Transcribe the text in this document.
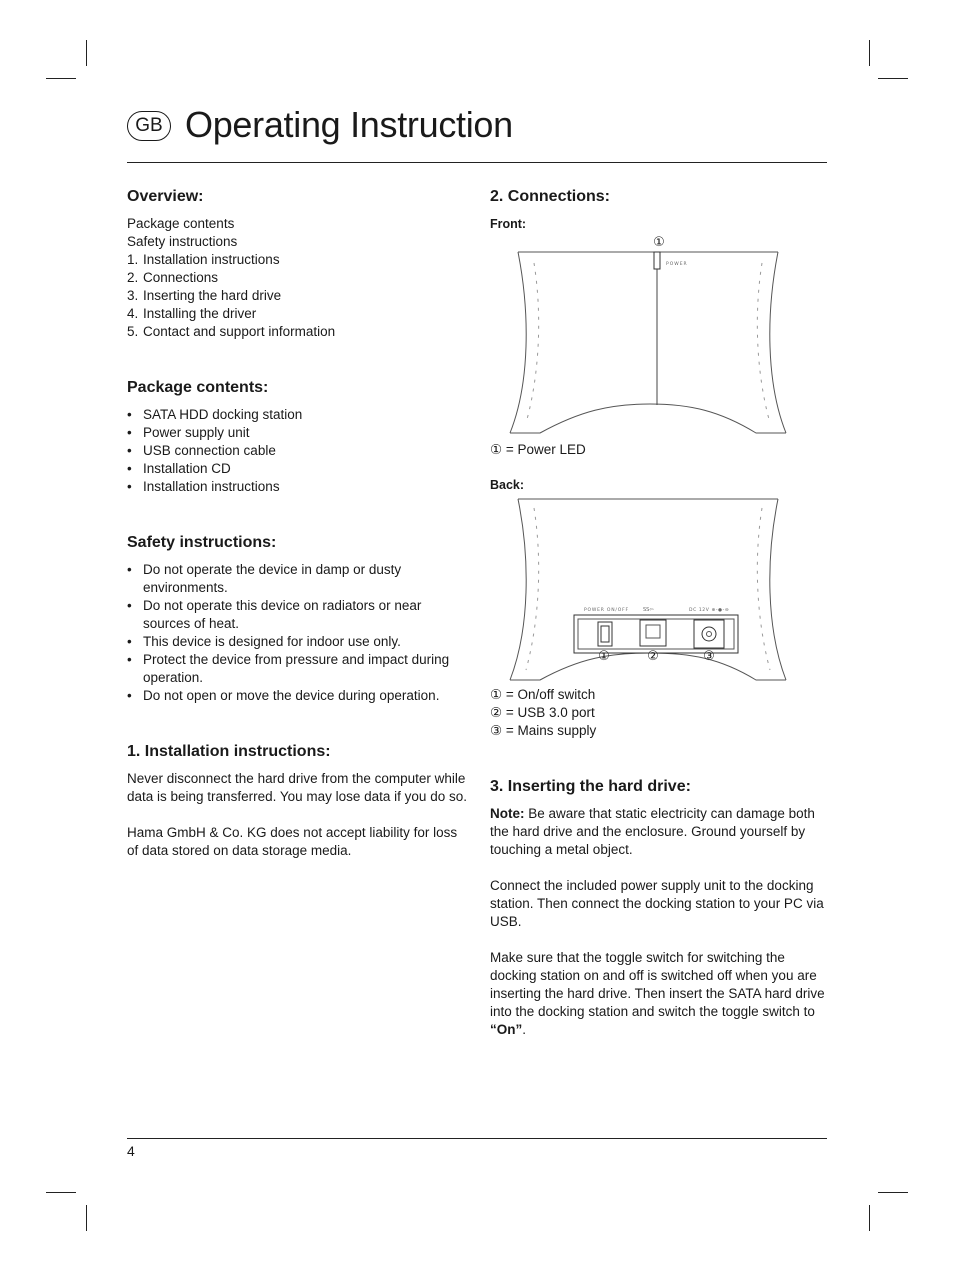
GB Operating Instruction
Overview:
Package contents
Safety instructions
1. Installation instructions
2. Connections
3. Inserting the hard drive
4. Installing the driver
5. Contact and support information
Package contents:
• SATA HDD docking station
• Power supply unit
• USB connection cable
• Installation CD
• Installation instructions
Safety instructions:
• Do not operate the device in damp or dusty environments.
• Do not operate this device on radiators or near sources of heat.
• This device is designed for indoor use only.
• Protect the device from pressure and impact during operation.
• Do not open or move the device during operation.
1. Installation instructions:

Never disconnect the hard drive from the computer while data is being transferred. You may lose data if you do so.

Hama GmbH & Co. KG does not accept liability for loss of data stored on data storage media.

2. Connections:
Front:
①
POWER

① = Power LED

Back:
POWER ON/OFF	SS⇦	DC 12V ⊕-●-⊖
①	②	③

① = On/off switch

② = USB 3.0 port

③ = Mains supply

3. Inserting the hard drive:

Note: Be aware that static electricity can damage both the hard drive and the enclosure. Ground yourself by touching a metal object.

Connect the included power supply unit to the docking station. Then connect the docking station to your PC via USB.

Make sure that the toggle switch for switching the docking station on and off is switched off when you are inserting the hard drive. Then insert the SATA hard drive into the docking station and switch the toggle switch to “On”.

4
